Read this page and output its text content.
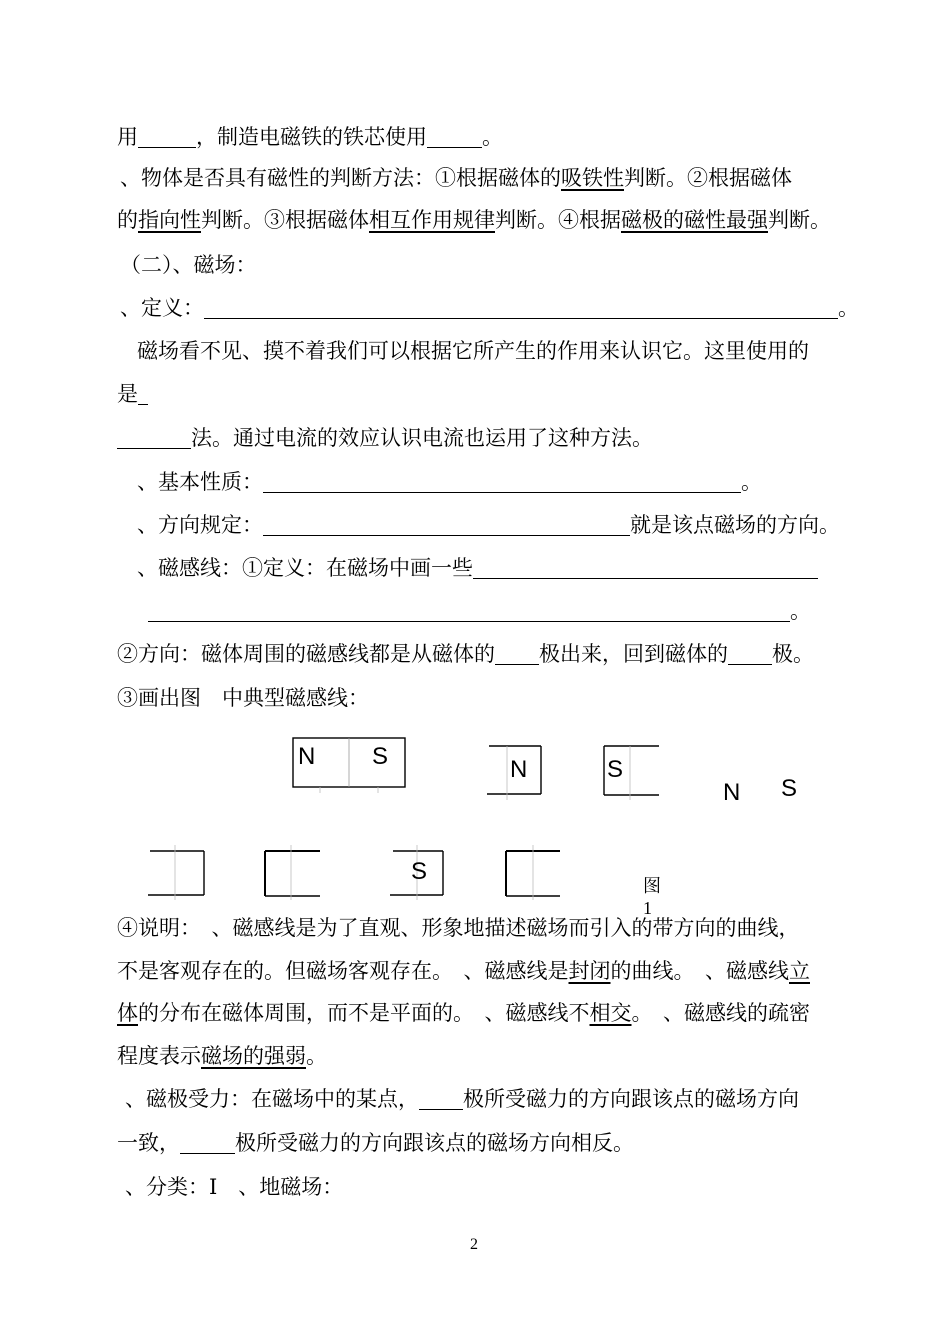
用	，制造电磁铁的铁芯使用	。
、物体是否具有磁性的判断方法：①根据磁体的吸铁性判断。②根据磁体
的指向性判断。③根据磁体相互作用规律判断。④根据磁极的磁性最强判断。
（二）、磁场：
、定义：	。
磁场看不见、摸不着我们可以根据它所产生的作用来认识它。这里使用的
是
法。通过电流的效应认识电流也运用了这种方法。
、基本性质：	。
、方向规定：	就是该点磁场的方向。
、磁感线：①定义：在磁场中画一些
。
②方向：磁体周围的磁感线都是从磁体的 极出来，回到磁体的 极。
③画出图　中典型磁感线：
N S	N	S
N S
S
图 1
④说明：　、磁感线是为了直观、形象地描述磁场而引入的带方向的曲线，
不是客观存在的。但磁场客观存在。　、磁感线是封闭的曲线。　、磁感线立
体的分布在磁体周围，而不是平面的。　、磁感线不相交。　、磁感线的疏密
程度表示磁场的强弱。
、磁极受力：在磁场中的某点， 极所受磁力的方向跟该点的磁场方向
一致，	极所受磁力的方向跟该点的磁场方向相反。
、分类：Ⅰ　、地磁场：
2
